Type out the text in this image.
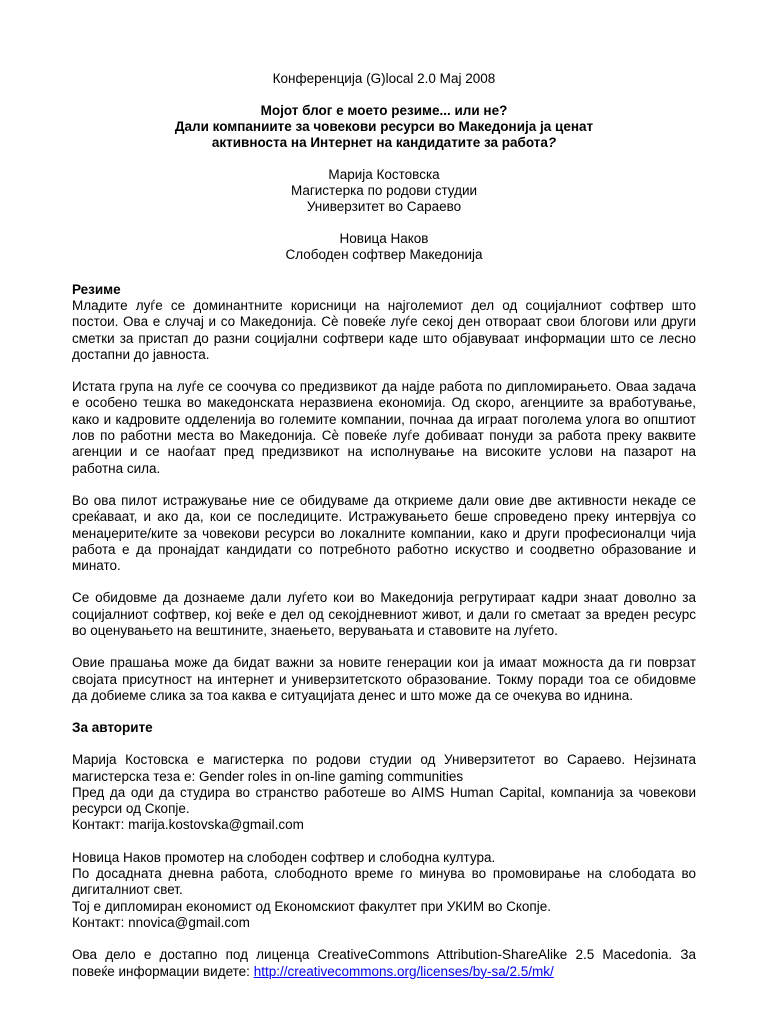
Конференција (G)local 2.0 Мај 2008
Мојот блог е моето резиме... или не?
Дали компаниите за човекови ресурси во Македонија ја ценат
активноста на Интернет на кандидатите за работа?
Марија Костовска
Магистерка по родови студии
Универзитет во Сараево
Новица Наков
Слободен софтвер Македонија
Резиме

Младите луѓе се доминантните корисници на најголемиот дел од социјалниот софтвер што постои. Ова е случај и со Македонија. Сѐ повеќе луѓе секој ден отвораат свои блогови или други сметки за пристап до разни социјални софтвери каде што објавуваат информации што се лесно достапни до јавноста.

Истата група на луѓе се соочува со предизвикот да најде работа по дипломирањето. Оваа задача е особено тешка во македонската неразвиена економија. Од скоро, агенциите за вработување, како и кадровите одделенија во големите компании, почнаа да играат поголема улога во општиот лов по работни места во Македонија. Сѐ повеќе луѓе добиваат понуди за работа преку ваквите агенции и се наоѓаат пред предизвикот на исполнување на високите услови на пазарот на работна сила.

Во ова пилот истражување ние се обидуваме да откриеме дали овие две активности некаде се среќаваат, и ако да, кои се последиците. Истражувањето беше спроведено преку интервјуа со менаџерите/ките за човекови ресурси во локалните компании, како и други професионалци чија работа е да пронајдат кандидати со потребното работно искуство и соодветно образование и минато.

Се обидовме да дознаеме дали луѓето кои во Македонија регрутираат кадри знаат доволно за социјалниот софтвер, кој веќе е дел од секојдневниот живот, и дали го сметаат за вреден ресурс во оценувањето на вештините, знаењето, верувањата и ставовите на луѓето.

Овие прашања може да бидат важни за новите генерации кои ја имаат можноста да ги поврзат својата присутност на интернет и универзитетското образование. Токму поради тоа се обидовме да добиеме слика за тоа каква е ситуацијата денес и што може да се очекува во иднина.

За авторите

Марија Костовска е магистерка по родови студии од Универзитетот во Сараево. Нејзината магистерска теза е: Gender roles in on-line gaming communities

Пред да оди да студира во странство работеше во AIMS Human Capital, компанија за човекови ресурси од Скопје.

Контакт: marija.kostovska@gmail.com

Новица Наков промотер на слободен софтвер и слободна култура.

По досадната дневна работа, слободното време го минува во промовирање на слободата во дигиталниот свет.

Тој е дипломиран економист од Економскиот факултет при УКИМ во Скопје.

Контакт: nnovica@gmail.com

Ова дело е достапно под лиценца CreativeCommons Attribution-ShareAlike 2.5 Macedonia. За повеќе информации видете: http://creativecommons.org/licenses/by-sa/2.5/mk/
